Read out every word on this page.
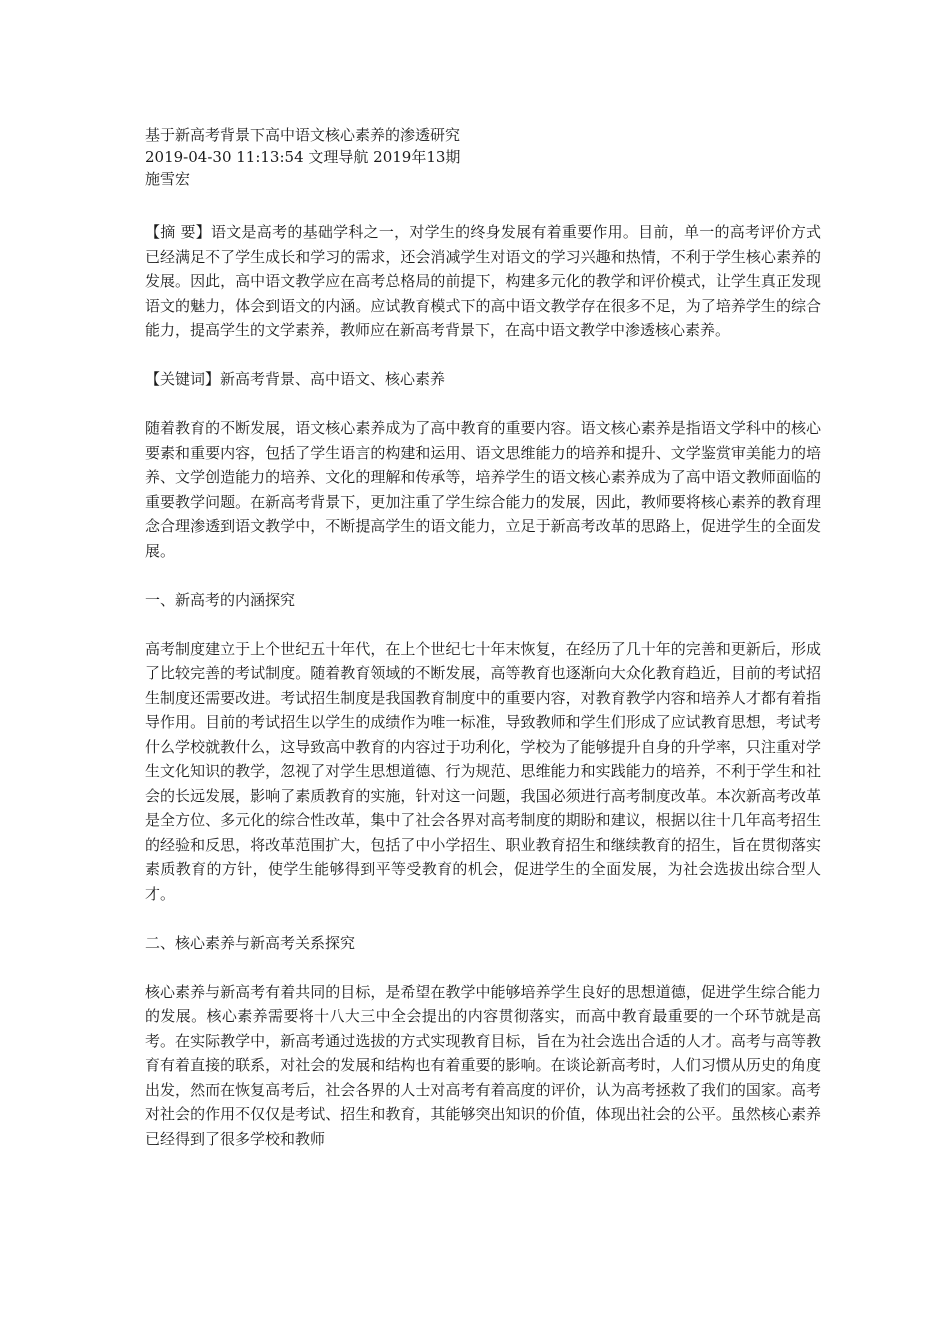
基于新高考背景下高中语文核心素养的渗透研究

2019-04-30 11:13:54 文理导航 2019年13期

施雪宏

【摘 要】语文是高考的基础学科之一，对学生的终身发展有着重要作用。目前，单一的高考评价方式已经满足不了学生成长和学习的需求，还会消减学生对语文的学习兴趣和热情，不利于学生核心素养的发展。因此，高中语文教学应在高考总格局的前提下，构建多元化的教学和评价模式，让学生真正发现语文的魅力，体会到语文的内涵。应试教育模式下的高中语文教学存在很多不足，为了培养学生的综合能力，提高学生的文学素养，教师应在新高考背景下，在高中语文教学中渗透核心素养。

【关键词】新高考背景、高中语文、核心素养

随着教育的不断发展，语文核心素养成为了高中教育的重要内容。语文核心素养是指语文学科中的核心要素和重要内容，包括了学生语言的构建和运用、语文思维能力的培养和提升、文学鉴赏审美能力的培养、文学创造能力的培养、文化的理解和传承等，培养学生的语文核心素养成为了高中语文教师面临的重要教学问题。在新高考背景下，更加注重了学生综合能力的发展，因此，教师要将核心素养的教育理念合理渗透到语文教学中，不断提高学生的语文能力，立足于新高考改革的思路上，促进学生的全面发展。

一、新高考的内涵探究

高考制度建立于上个世纪五十年代，在上个世纪七十年末恢复，在经历了几十年的完善和更新后，形成了比较完善的考试制度。随着教育领域的不断发展，高等教育也逐渐向大众化教育趋近，目前的考试招生制度还需要改进。考试招生制度是我国教育制度中的重要内容，对教育教学内容和培养人才都有着指导作用。目前的考试招生以学生的成绩作为唯一标准，导致教师和学生们形成了应试教育思想，考试考什么学校就教什么，这导致高中教育的内容过于功利化，学校为了能够提升自身的升学率，只注重对学生文化知识的教学，忽视了对学生思想道德、行为规范、思维能力和实践能力的培养，不利于学生和社会的长远发展，影响了素质教育的实施，针对这一问题，我国必须进行高考制度改革。本次新高考改革是全方位、多元化的综合性改革，集中了社会各界对高考制度的期盼和建议，根据以往十几年高考招生的经验和反思，将改革范围扩大，包括了中小学招生、职业教育招生和继续教育的招生，旨在贯彻落实素质教育的方针，使学生能够得到平等受教育的机会，促进学生的全面发展，为社会选拔出综合型人才。

二、核心素养与新高考关系探究

核心素养与新高考有着共同的目标，是希望在教学中能够培养学生良好的思想道德，促进学生综合能力的发展。核心素养需要将十八大三中全会提出的内容贯彻落实，而高中教育最重要的一个环节就是高考。在实际教学中，新高考通过选拔的方式实现教育目标，旨在为社会选出合适的人才。高考与高等教育有着直接的联系，对社会的发展和结构也有着重要的影响。在谈论新高考时，人们习惯从历史的角度出发，然而在恢复高考后，社会各界的人士对高考有着高度的评价，认为高考拯救了我们的国家。高考对社会的作用不仅仅是考试、招生和教育，其能够突出知识的价值，体现出社会的公平。虽然核心素养已经得到了很多学校和教师
